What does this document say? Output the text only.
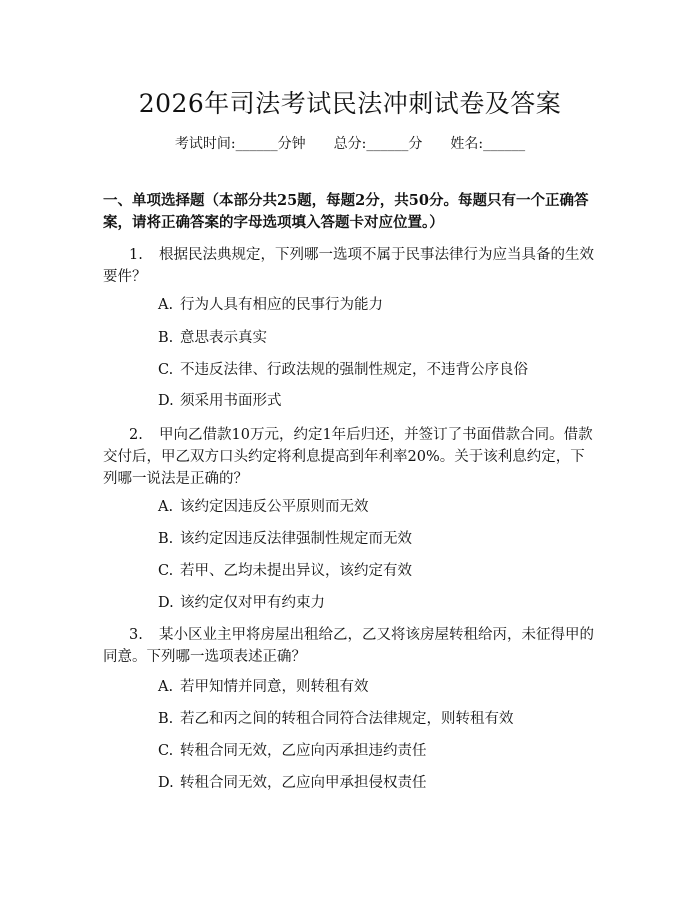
2026年司法考试民法冲刺试卷及答案
考试时间:______分钟 总分:______分 姓名:______
一、单项选择题（本部分共25题，每题2分，共50分。每题只有一个正确答案，请将正确答案的字母选项填入答题卡对应位置。）
1. 根据民法典规定，下列哪一选项不属于民事法律行为应当具备的生效要件？
A. 行为人具有相应的民事行为能力
B. 意思表示真实
C. 不违反法律、行政法规的强制性规定，不违背公序良俗
D. 须采用书面形式
2. 甲向乙借款10万元，约定1年后归还，并签订了书面借款合同。借款交付后，甲乙双方口头约定将利息提高到年利率20%。关于该利息约定，下列哪一说法是正确的？
A. 该约定因违反公平原则而无效
B. 该约定因违反法律强制性规定而无效
C. 若甲、乙均未提出异议，该约定有效
D. 该约定仅对甲有约束力
3. 某小区业主甲将房屋出租给乙，乙又将该房屋转租给丙，未征得甲的同意。下列哪一选项表述正确？
A. 若甲知情并同意，则转租有效
B. 若乙和丙之间的转租合同符合法律规定，则转租有效
C. 转租合同无效，乙应向丙承担违约责任
D. 转租合同无效，乙应向甲承担侵权责任
